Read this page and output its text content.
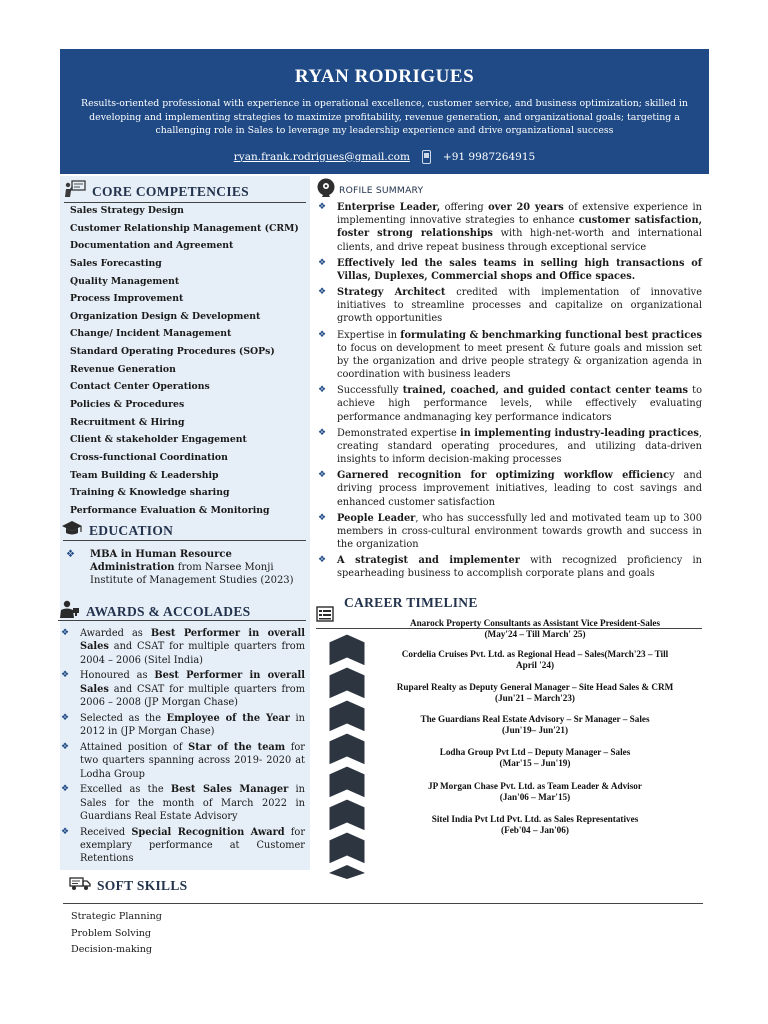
RYAN RODRIGUES
Results-oriented professional with experience in operational excellence, customer service, and business optimization; skilled in developing and implementing strategies to maximize profitability, revenue generation, and organizational goals; targeting a challenging role in Sales to leverage my leadership experience and drive organizational success
ryan.frank.rodrigues@gmail.com	+91 9987264915
CORE COMPETENCIES
Sales Strategy Design
Customer Relationship Management (CRM)
Documentation and Agreement
Sales Forecasting
Quality Management
Process Improvement
Organization Design & Development
Change/ Incident Management
Standard Operating Procedures (SOPs)
Revenue Generation
Contact Center Operations
Policies & Procedures
Recruitment & Hiring
Client & stakeholder Engagement
Cross-functional Coordination
Team Building & Leadership
Training & Knowledge sharing
Performance Evaluation & Monitoring
EDUCATION
❖ MBA in Human Resource Administration from Narsee Monji Institute of Management Studies (2023)
AWARDS & ACCOLADES
❖ Awarded as Best Performer in overall Sales and CSAT for multiple quarters from 2004 – 2006 (Sitel India)
❖ Honoured as Best Performer in overall Sales and CSAT for multiple quarters from 2006 – 2008 (JP Morgan Chase)
❖ Selected as the Employee of the Year in 2012 in (JP Morgan Chase)
❖ Attained position of Star of the team for two quarters spanning across 2019- 2020 at Lodha Group
❖ Excelled as the Best Sales Manager in Sales for the month of March 2022 in Guardians Real Estate Advisory
❖ Received Special Recognition Award for exemplary performance at Customer Retentions
ROFILE SUMMARY
❖ Enterprise Leader, offering over 20 years of extensive experience in implementing innovative strategies to enhance customer satisfaction, foster strong relationships with high-net-worth and international clients, and drive repeat business through exceptional service
❖ Effectively led the sales teams in selling high transactions of Villas, Duplexes, Commercial shops and Office spaces.
❖ Strategy Architect credited with implementation of innovative initiatives to streamline processes and capitalize on organizational growth opportunities
❖ Expertise in formulating & benchmarking functional best practices to focus on development to meet present & future goals and mission set by the organization and drive people strategy & organization agenda in coordination with business leaders
❖ Successfully trained, coached, and guided contact center teams to achieve high performance levels, while effectively evaluating performance andmanaging key performance indicators
❖ Demonstrated expertise in implementing industry-leading practices, creating standard operating procedures, and utilizing data-driven insights to inform decision-making processes
❖ Garnered recognition for optimizing workflow efficiency and driving process improvement initiatives, leading to cost savings and enhanced customer satisfaction
❖ People Leader, who has successfully led and motivated team up to 300 members in cross-cultural environment towards growth and success in the organization
❖ A strategist and implementer with recognized proficiency in spearheading business to accomplish corporate plans and goals
CAREER TIMELINE
Anarock Property Consultants as Assistant Vice President-Sales
(May'24 – Till March' 25)
Cordelia Cruises Pvt. Ltd. as Regional Head – Sales(March'23 – Till
April '24)
Ruparel Realty as Deputy General Manager – Site Head Sales & CRM
(Jun'21 – March'23)
The Guardians Real Estate Advisory – Sr Manager – Sales
(Jun'19– Jun'21)
Lodha Group Pvt Ltd – Deputy Manager – Sales
(Mar'15 – Jun'19)
JP Morgan Chase Pvt. Ltd. as Team Leader & Advisor
(Jan'06 – Mar'15)
Sitel India Pvt Ltd Pvt. Ltd. as Sales Representatives
(Feb'04 – Jan'06)
SOFT SKILLS
Strategic Planning
Problem Solving
Decision-making
